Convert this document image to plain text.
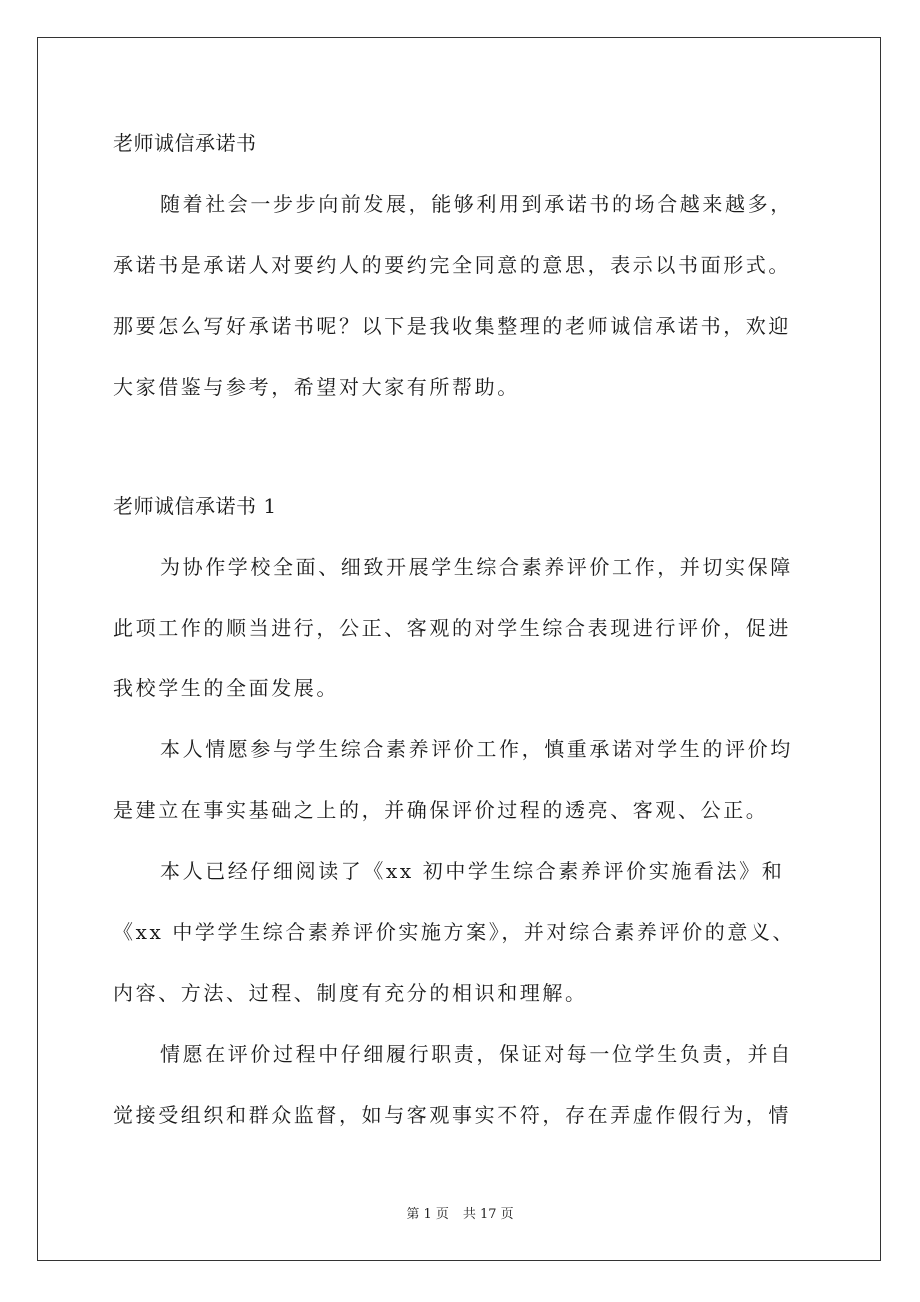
老师诚信承诺书
随着社会一步步向前发展，能够利用到承诺书的场合越来越多，
承诺书是承诺人对要约人的要约完全同意的意思，表示以书面形式。
那要怎么写好承诺书呢？以下是我收集整理的老师诚信承诺书，欢迎
大家借鉴与参考，希望对大家有所帮助。
老师诚信承诺书 1
为协作学校全面、细致开展学生综合素养评价工作，并切实保障
此项工作的顺当进行，公正、客观的对学生综合表现进行评价，促进
我校学生的全面发展。
本人情愿参与学生综合素养评价工作，慎重承诺对学生的评价均
是建立在事实基础之上的，并确保评价过程的透亮、客观、公正。
本人已经仔细阅读了《xx 初中学生综合素养评价实施看法》和
《xx 中学学生综合素养评价实施方案》，并对综合素养评价的意义、
内容、方法、过程、制度有充分的相识和理解。
情愿在评价过程中仔细履行职责，保证对每一位学生负责，并自
觉接受组织和群众监督，如与客观事实不符，存在弄虚作假行为，情
第 1 页 共 17 页
